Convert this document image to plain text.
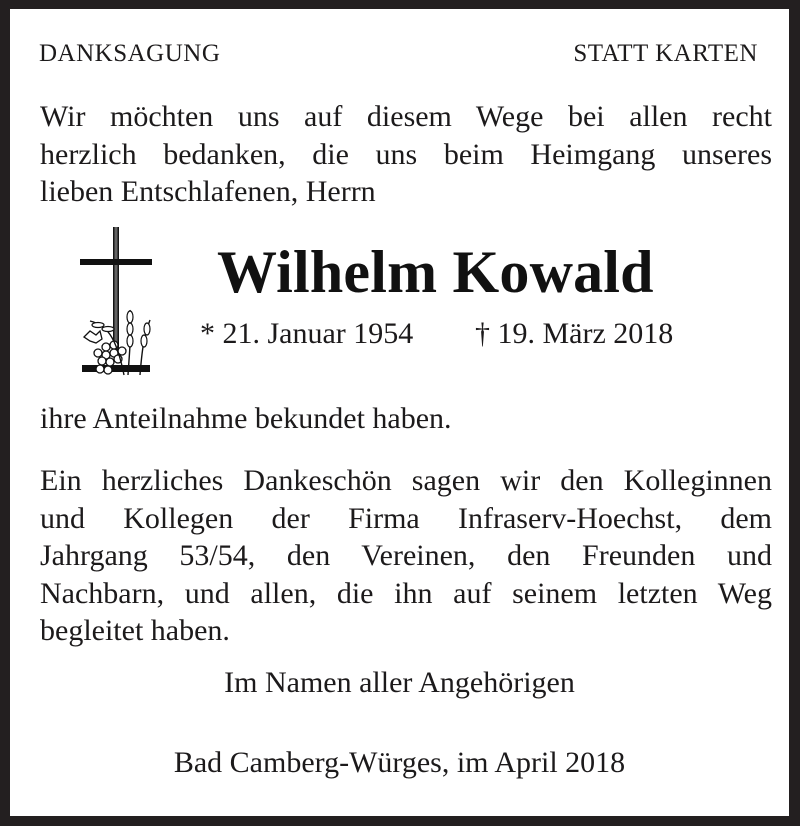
DANKSAGUNG	STATT KARTEN
Wir möchten uns auf diesem Wege bei allen recht
herzlich bedanken, die uns beim Heimgang unseres
lieben Entschlafenen, Herrn
Wilhelm Kowald
* 21. Januar 1954 † 19. März 2018
ihre Anteilnahme bekundet haben.
Ein herzliches Dankeschön sagen wir den Kolleginnen
und Kollegen der Firma Infraserv-Hoechst, dem
Jahrgang 53/54, den Vereinen, den Freunden und
Nachbarn, und allen, die ihn auf seinem letzten Weg
begleitet haben.
Im Namen aller Angehörigen
Bad Camberg-Würges, im April 2018
